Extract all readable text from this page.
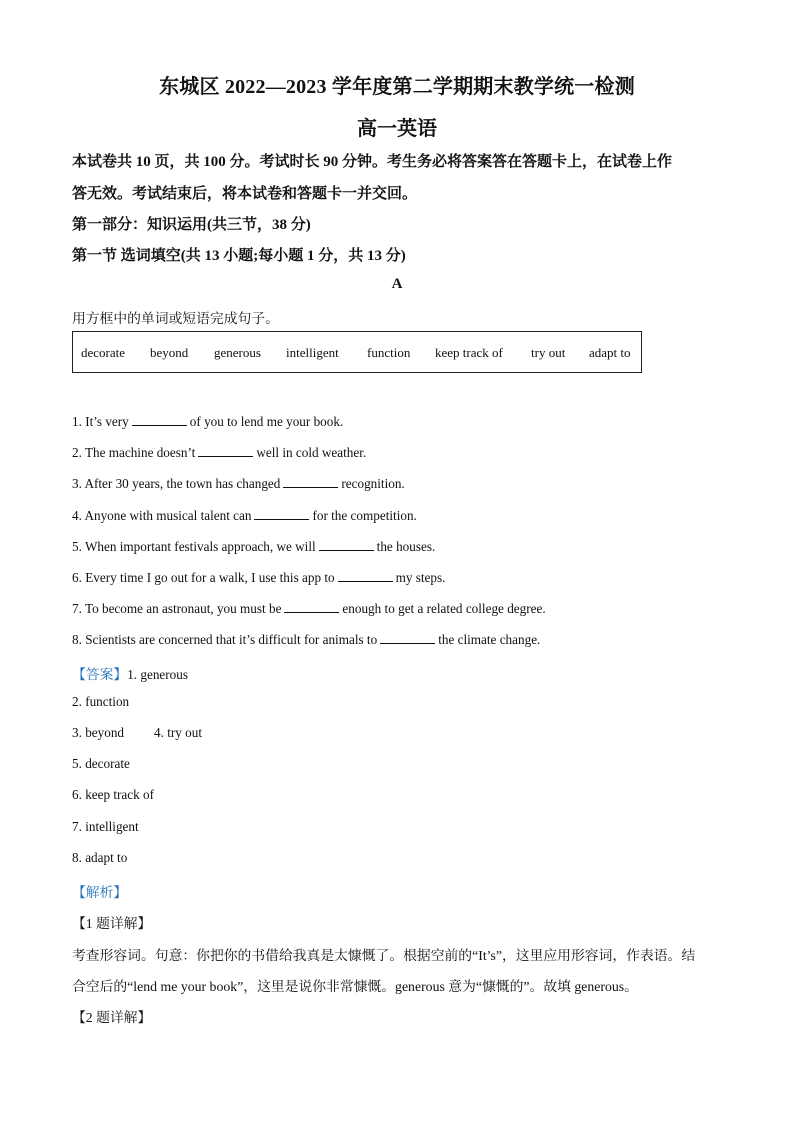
东城区 2022—2023 学年度第二学期期末教学统一检测
高一英语
本试卷共 10 页，共 100 分。考试时长 90 分钟。考生务必将答案答在答题卡上，在试卷上作
答无效。考试结束后，将本试卷和答题卡一并交回。
第一部分：知识运用(共三节，38 分)
第一节 选词填空(共 13 小题;每小题 1 分，共 13 分)
A
用方框中的单词或短语完成句子。
decorate beyond generous intelligent function keep track of try out adapt to
1. It’s very	of you to lend me your book.
2. The machine doesn’t	well in cold weather.
3. After 30 years, the town has changed	recognition.
4. Anyone with musical talent can	for the competition.
5. When important festivals approach, we will	the houses.
6. Every time I go out for a walk, I use this app to	my steps.
7. To become an astronaut, you must be	enough to get a related college degree.
8. Scientists are concerned that it’s difficult for animals to	the climate change.
【答案】1. generous
2. function
3. beyond 4. try out
5. decorate
6. keep track of
7. intelligent
8. adapt to
【解析】
【1 题详解】
考查形容词。句意：你把你的书借给我真是太慷慨了。根据空前的“It’s”，这里应用形容词，作表语。结
合空后的“lend me your book”，这里是说你非常慷慨。generous 意为“慷慨的”。故填 generous。
【2 题详解】
